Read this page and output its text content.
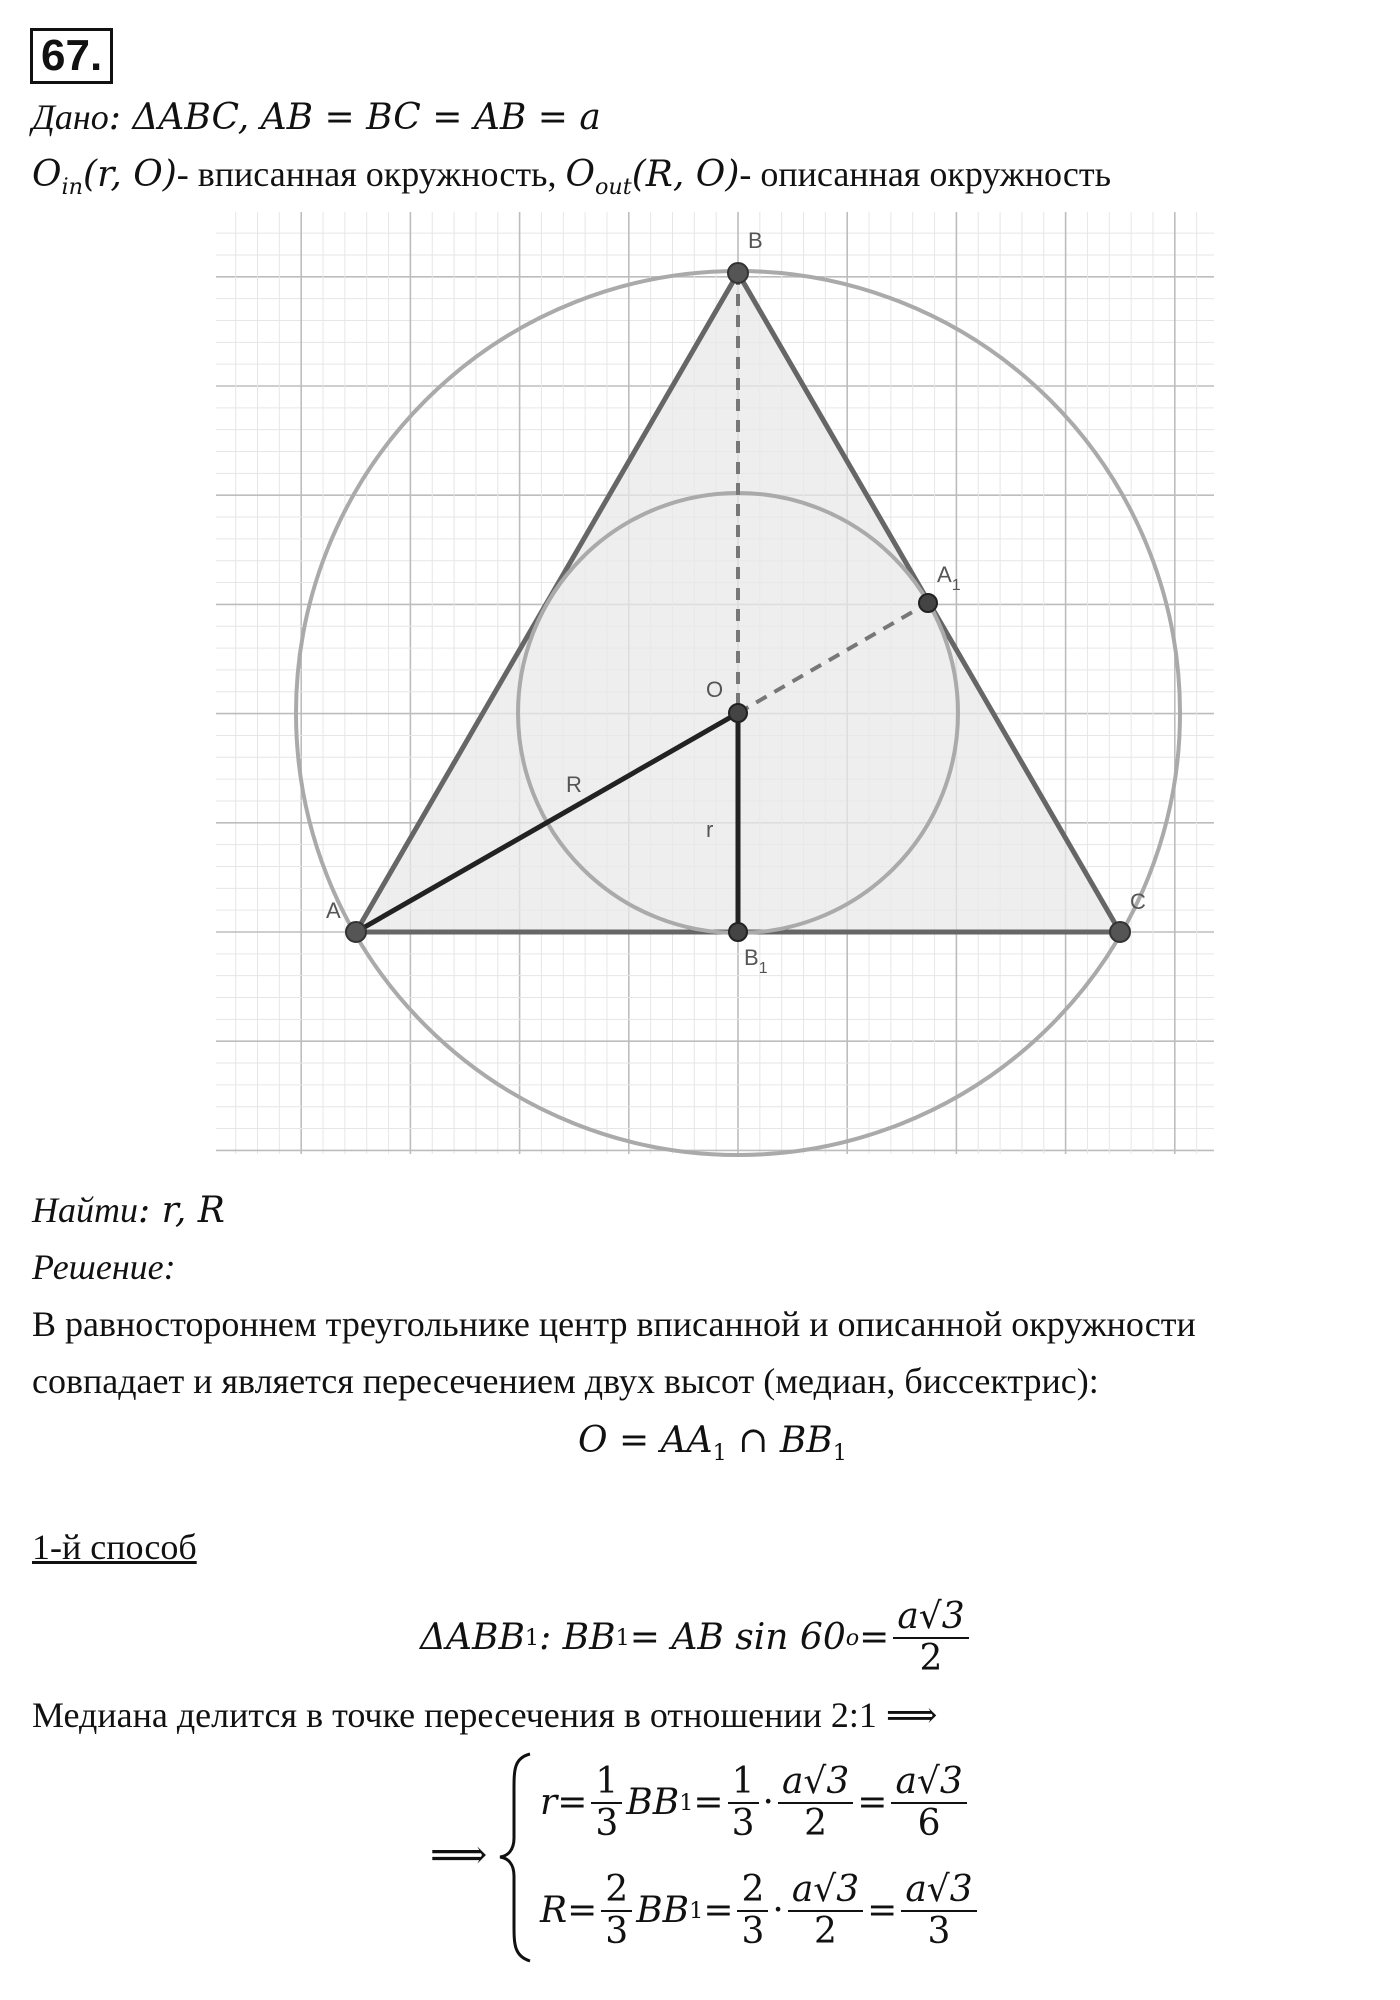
67.
Дано: ΔABC, AB = BC = AB = a
$O_{in}(r$, O)- вписанная окружность, $O_{out}(R$, O)- описанная окружность
B
$A_1$
O
R
r
A	C
$B_1$
Найти: r, R
Решение:
В равностороннем треугольнике центр вписанной и описанной окружности
совпадает и является пересечением двух высот (медиан, биссектрис):
$O = AA_1$ ∩ $BB_1$
1-й способ
ΔABB 1 : BB 1 = AB sin 60 $o = \frac{a√3}{2}$
Медиана делится в точке пересечения в отношении 2:1 ⟹
⟹
$r = \frac{1}{3}$ BB $1 = \frac{1}{3} \cdot \frac{a√3}{2} = \frac{a√3}{6}$
$R = \frac{2}{3}$ BB $1 = \frac{2}{3} \cdot \frac{a√3}{2} = \frac{a√3}{3}$
